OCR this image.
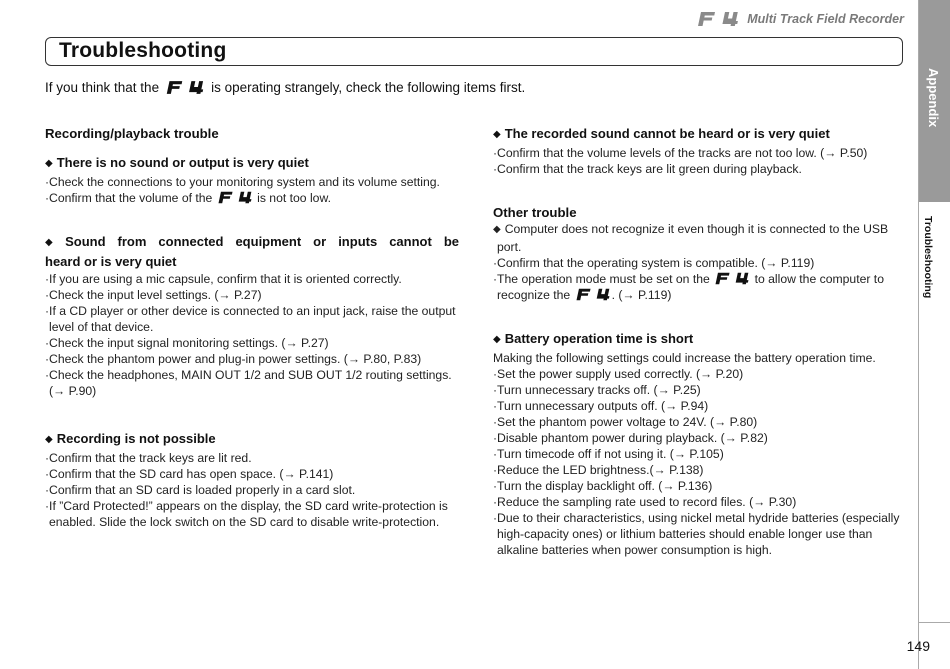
Multi Track Field Recorder
Troubleshooting
If you think that the	is operating strangely, check the following items first.

Recording/playback trouble

◆ There is no sound or output is very quiet

·Check the connections to your monitoring system and its volume setting.

·Confirm that the volume of the	is not too low.

◆ Sound from connected equipment or inputs cannot be

heard or is very quiet

·If you are using a mic capsule, confirm that it is oriented correctly.

·Check the input level settings. (→ P.27)

·If a CD player or other device is connected to an input jack, raise the output level of that device.

·Check the input signal monitoring settings. (→ P.27)

·Check the phantom power and plug-in power settings. (→ P.80, P.83)

·Check the headphones, MAIN OUT 1/2 and SUB OUT 1/2 routing settings. (→ P.90)

◆ Recording is not possible

·Confirm that the track keys are lit red.

·Confirm that the SD card has open space. (→ P.141)

·Confirm that an SD card is loaded properly in a card slot.

·If ”Card Protected!” appears on the display, the SD card write-protection is enabled. Slide the lock switch on the SD card to disable write-protection.

◆ The recorded sound cannot be heard or is very quiet

·Confirm that the volume levels of the tracks are not too low. (→ P.50)

·Confirm that the track keys are lit green during playback.

Other trouble

◆ Computer does not recognize it even though it is connected to the USB port.

·Confirm that the operating system is compatible. (→ P.119)

·The operation mode must be set on the	to allow the computer to recognize the	. (→ P.119)

◆ Battery operation time is short

Making the following settings could increase the battery operation time.

·Set the power supply used correctly. (→ P.20)

·Turn unnecessary tracks off. (→ P.25)

·Turn unnecessary outputs off. (→ P.94)

·Set the phantom power voltage to 24V. (→ P.80)

·Disable phantom power during playback. (→ P.82)

·Turn timecode off if not using it. (→ P.105)

·Reduce the LED brightness.(→ P.138)

·Turn the display backlight off. (→ P.136)

·Reduce the sampling rate used to record files. (→ P.30)

·Due to their characteristics, using nickel metal hydride batteries (especially high-capacity ones) or lithium batteries should enable longer use than alkaline batteries when power consumption is high.

Appendix
Troubleshooting
149
